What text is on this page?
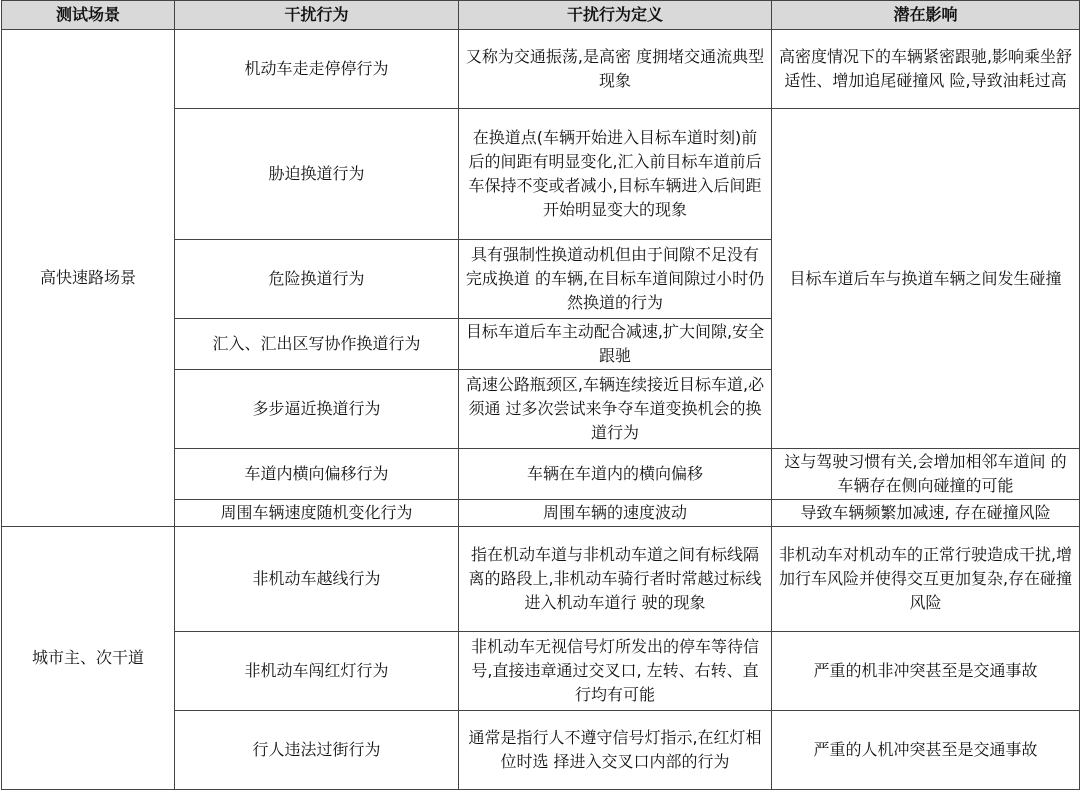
测试场景	干扰行为	干扰行为定义	潜在影响
高快速路场景	机动车走走停停行为	又称为交通振荡,是高密 度拥堵交通流典型现象	高密度情况下的车辆紧密跟驰,影响乘坐舒 适性、增加追尾碰撞风 险,导致油耗过高
	胁迫换道行为	在换道点(车辆开始进入目标车道时刻)前后的间距有明显变化,汇入前目标车道前后车保持不变或者减小,目标车辆进入后间距开始明显变大的现象	目标车道后车与换道车辆之间发生碰撞
	危险换道行为	具有强制性换道动机但由于间隙不足没有完成换道 的车辆,在目标车道间隙过小时仍然换道的行为	
	汇入、汇出区写协作换道行为	目标车道后车主动配合减速,扩大间隙,安全跟驰	
	多步逼近换道行为	高速公路瓶颈区,车辆连续接近目标车道,必须通 过多次尝试来争夺车道变换机会的换道行为	
	车道内横向偏移行为	车辆在车道内的横向偏移	这与驾驶习惯有关,会增加相邻车道间 的车辆存在侧向碰撞的可能
	周围车辆速度随机变化行为	周围车辆的速度波动	导致车辆频繁加减速, 存在碰撞风险
城市主、次干道	非机动车越线行为	指在机动车道与非机动车道之间有标线隔离的路段上,非机动车骑行者时常越过标线进入机动车道行 驶的现象	非机动车对机动车的正常行驶造成干扰,增加行车风险并使得交互更加复杂,存在碰撞风险
	非机动车闯红灯行为	非机动车无视信号灯所发出的停车等待信号,直接违章通过交叉口, 左转、右转、直行均有可能	严重的机非冲突甚至是交通事故
	行人违法过街行为	通常是指行人不遵守信号灯指示,在红灯相位时选 择进入交叉口内部的行为	严重的人机冲突甚至是交通事故
